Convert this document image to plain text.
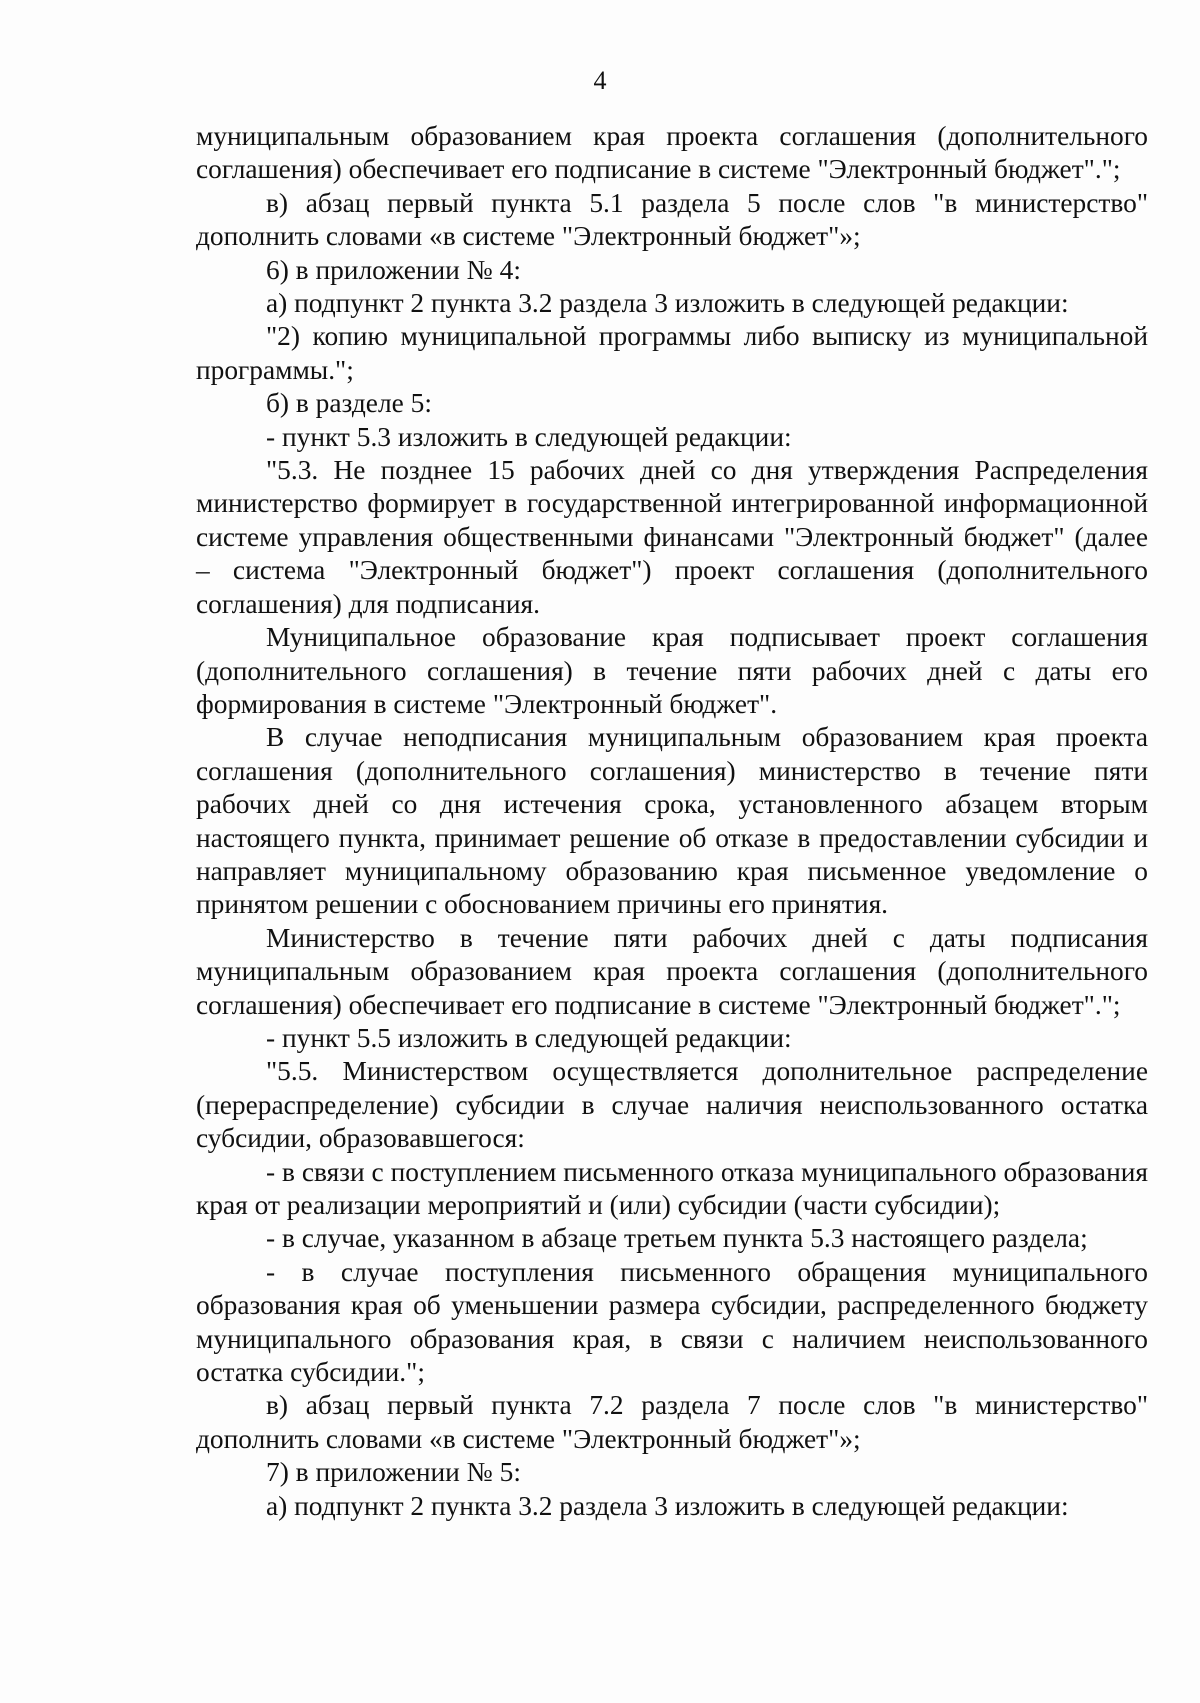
4

муниципальным образованием края проекта соглашения (дополнительного соглашения) обеспечивает его подписание в системе "Электронный бюджет".";

в) абзац первый пункта 5.1 раздела 5 после слов "в министерство" дополнить словами «в системе "Электронный бюджет"»;

6) в приложении № 4:

а) подпункт 2 пункта 3.2 раздела 3 изложить в следующей редакции:

"2) копию муниципальной программы либо выписку из муниципальной программы.";

б) в разделе 5:

- пункт 5.3 изложить в следующей редакции:

"5.3. Не позднее 15 рабочих дней со дня утверждения Распределения министерство формирует в государственной интегрированной информационной системе управления общественными финансами "Электронный бюджет" (далее – система "Электронный бюджет") проект соглашения (дополнительного соглашения) для подписания.

Муниципальное образование края подписывает проект соглашения (дополнительного соглашения) в течение пяти рабочих дней с даты его формирования в системе "Электронный бюджет".

В случае неподписания муниципальным образованием края проекта соглашения (дополнительного соглашения) министерство в течение пяти рабочих дней со дня истечения срока, установленного абзацем вторым настоящего пункта, принимает решение об отказе в предоставлении субсидии и направляет муниципальному образованию края письменное уведомление о принятом решении с обоснованием причины его принятия.

Министерство в течение пяти рабочих дней с даты подписания муниципальным образованием края проекта соглашения (дополнительного соглашения) обеспечивает его подписание в системе "Электронный бюджет".";

- пункт 5.5 изложить в следующей редакции:

"5.5. Министерством осуществляется дополнительное распределение (перераспределение) субсидии в случае наличия неиспользованного остатка субсидии, образовавшегося:

- в связи с поступлением письменного отказа муниципального образования края от реализации мероприятий и (или) субсидии (части субсидии);

- в случае, указанном в абзаце третьем пункта 5.3 настоящего раздела;

- в случае поступления письменного обращения муниципального образования края об уменьшении размера субсидии, распределенного бюджету муниципального образования края, в связи с наличием неиспользованного остатка субсидии.";

в) абзац первый пункта 7.2 раздела 7 после слов "в министерство" дополнить словами «в системе "Электронный бюджет"»;

7) в приложении № 5:

а) подпункт 2 пункта 3.2 раздела 3 изложить в следующей редакции:
